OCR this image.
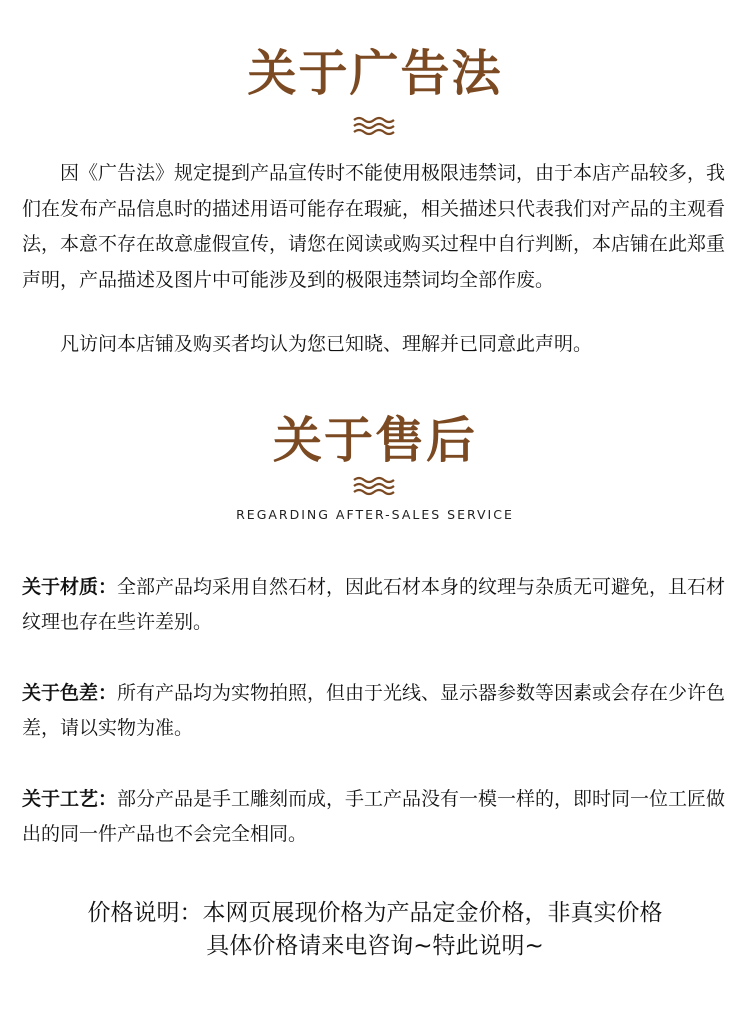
关于广告法

因《广告法》规定提到产品宣传时不能使用极限违禁词，由于本店产品较多，我们在发布产品信息时的描述用语可能存在瑕疵，相关描述只代表我们对产品的主观看法，本意不存在故意虚假宣传，请您在阅读或购买过程中自行判断，本店铺在此郑重声明，产品描述及图片中可能涉及到的极限违禁词均全部作废。

凡访问本店铺及购买者均认为您已知晓、理解并已同意此声明。

关于售后
REGARDING AFTER-SALES SERVICE

关于材质：全部产品均采用自然石材，因此石材本身的纹理与杂质无可避免，且石材纹理也存在些许差别。

关于色差：所有产品均为实物拍照，但由于光线、显示器参数等因素或会存在少许色差，请以实物为准。

关于工艺：部分产品是手工雕刻而成，手工产品没有一模一样的，即时同一位工匠做出的同一件产品也不会完全相同。

价格说明：本网页展现价格为产品定金价格，非真实价格
具体价格请来电咨询~特此说明~
